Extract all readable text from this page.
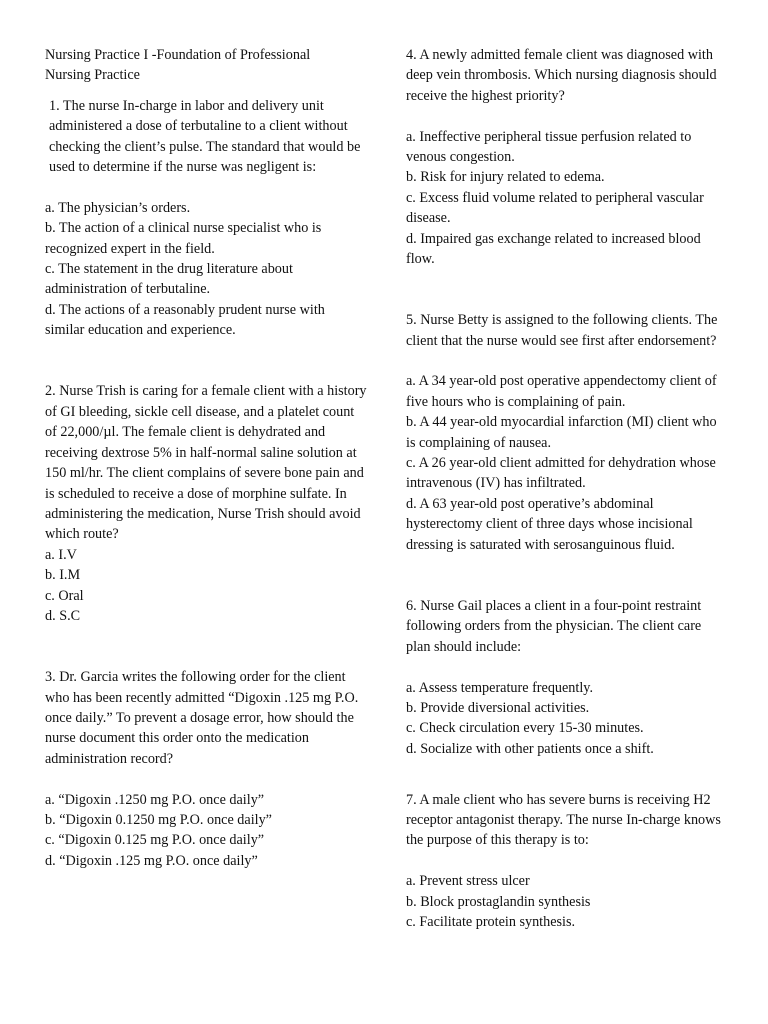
Nursing Practice I -Foundation of Professional
Nursing Practice

1. The nurse In-charge in labor and delivery unit administered a dose of terbutaline to a client without checking the client’s pulse. The standard that would be used to determine if the nurse was negligent is:

a. The physician’s orders.
b. The action of a clinical nurse specialist who is recognized expert in the field.
c. The statement in the drug literature about administration of terbutaline.
d. The actions of a reasonably prudent nurse with similar education and experience.

2. Nurse Trish is caring for a female client with a history of GI bleeding, sickle cell disease, and a platelet count of 22,000/µl. The female client is dehydrated and receiving dextrose 5% in half-normal saline solution at 150 ml/hr. The client complains of severe bone pain and is scheduled to receive a dose of morphine sulfate. In administering the medication, Nurse Trish should avoid which route?

a. I.V
b. I.M
c. Oral
d. S.C

3. Dr. Garcia writes the following order for the client who has been recently admitted “Digoxin .125 mg P.O. once daily.” To prevent a dosage error, how should the nurse document this order onto the medication administration record?

a. “Digoxin .1250 mg P.O. once daily”
b. “Digoxin 0.1250 mg P.O. once daily”
c. “Digoxin 0.125 mg P.O. once daily”
d. “Digoxin .125 mg P.O. once daily”

4. A newly admitted female client was diagnosed with deep vein thrombosis. Which nursing diagnosis should receive the highest priority?

a. Ineffective peripheral tissue perfusion related to venous congestion.
b. Risk for injury related to edema.
c. Excess fluid volume related to peripheral vascular disease.
d. Impaired gas exchange related to increased blood flow.

5. Nurse Betty is assigned to the following clients. The client that the nurse would see first after endorsement?

a. A 34 year-old post operative appendectomy client of five hours who is complaining of pain.
b. A 44 year-old myocardial infarction (MI) client who is complaining of nausea.
c. A 26 year-old client admitted for dehydration whose intravenous (IV) has infiltrated.
d. A 63 year-old post operative’s abdominal hysterectomy client of three days whose incisional dressing is saturated with serosanguinous fluid.

6. Nurse Gail places a client in a four-point restraint following orders from the physician. The client care plan should include:

a. Assess temperature frequently.
b. Provide diversional activities.
c. Check circulation every 15-30 minutes.
d. Socialize with other patients once a shift.

7. A male client who has severe burns is receiving H2 receptor antagonist therapy. The nurse In-charge knows the purpose of this therapy is to:

a. Prevent stress ulcer
b. Block prostaglandin synthesis
c. Facilitate protein synthesis.
